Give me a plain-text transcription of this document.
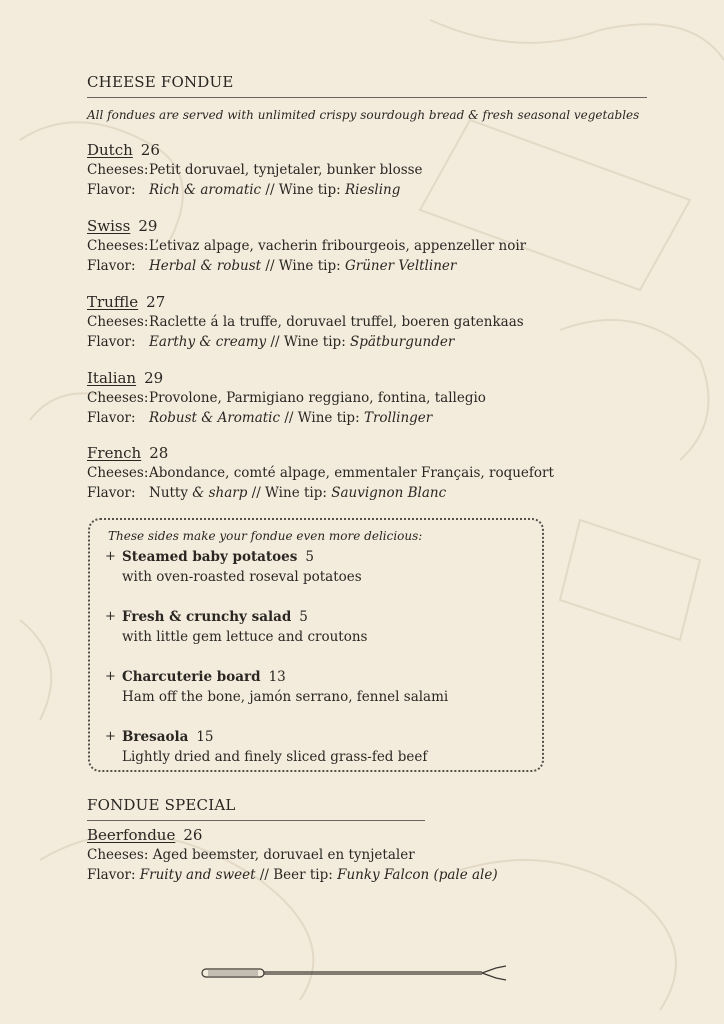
CHEESE FONDUE
All fondues are served with unlimited crispy sourdough bread & fresh seasonal vegetables
Dutch 26
Cheeses:Petit doruvael, tynjetaler, bunker blosse
Flavor: Rich & aromatic // Wine tip: Riesling
Swiss 29
Cheeses:L’etivaz alpage, vacherin fribourgeois, appenzeller noir
Flavor: Herbal & robust // Wine tip: Grüner Veltliner
Truffle 27
Cheeses:Raclette á la truffe, doruvael truffel, boeren gatenkaas
Flavor: Earthy & creamy // Wine tip: Spätburgunder
Italian 29
Cheeses:Provolone, Parmigiano reggiano, fontina, tallegio
Flavor: Robust & Aromatic // Wine tip: Trollinger
French 28
Cheeses:Abondance, comté alpage, emmentaler Français, roquefort
Flavor: Nutty & sharp // Wine tip: Sauvignon Blanc
These sides make your fondue even more delicious:
+ Steamed baby potatoes 5
with oven-roasted roseval potatoes
+ Fresh & crunchy salad 5
with little gem lettuce and croutons
+ Charcuterie board 13
Ham off the bone, jamón serrano, fennel salami
+ Bresaola 15
Lightly dried and finely sliced grass-fed beef
FONDUE SPECIAL
Beerfondue 26
Cheeses: Aged beemster, doruvael en tynjetaler
Flavor: Fruity and sweet // Beer tip: Funky Falcon (pale ale)
